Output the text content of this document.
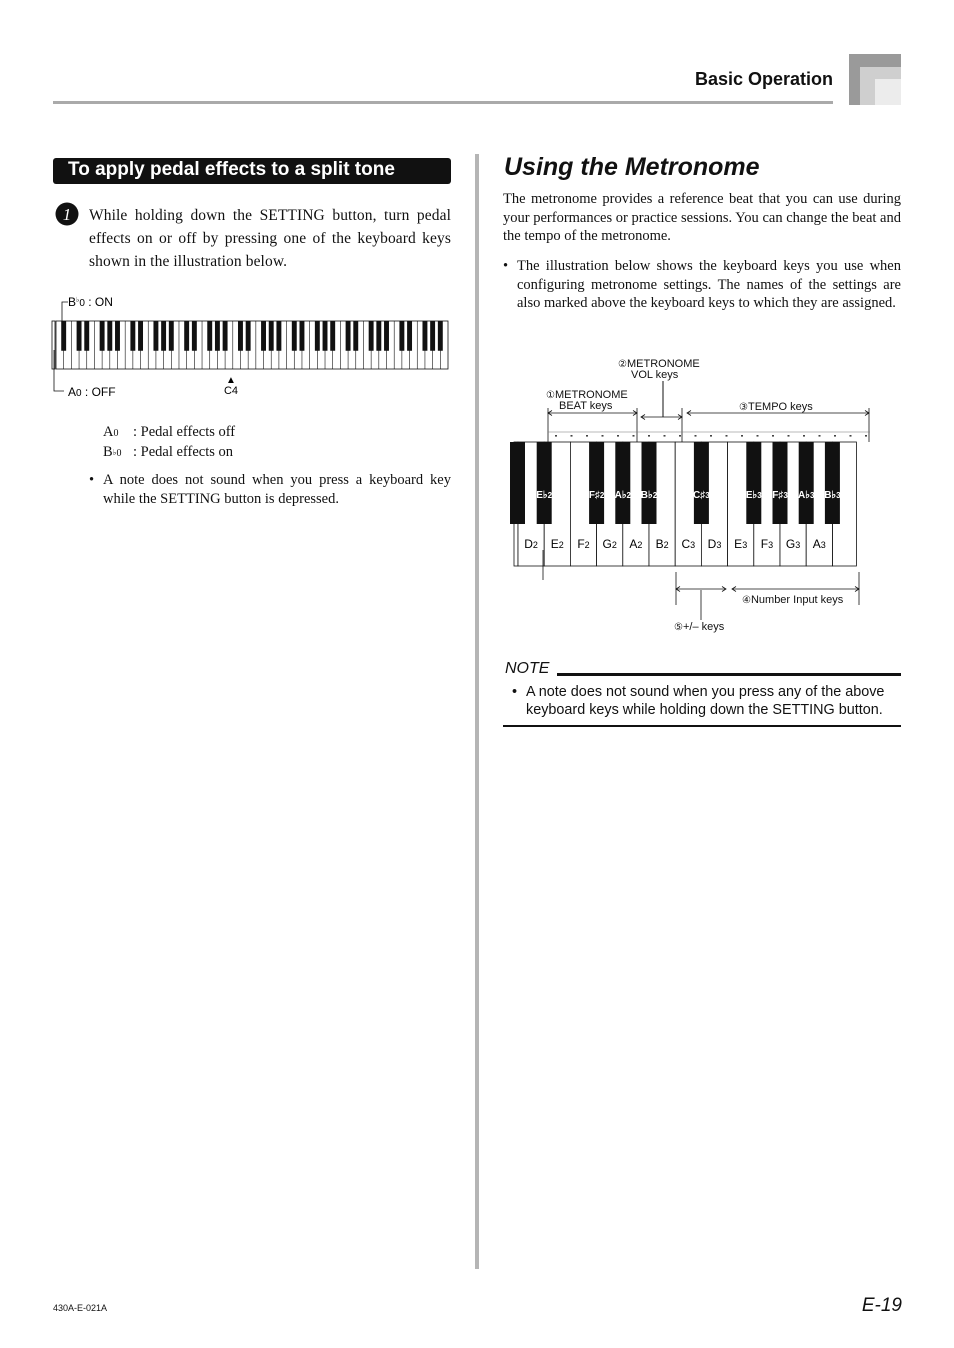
Basic Operation
To apply pedal effects to a split tone
1 While holding down the SETTING button, turn pedal effects on or off by pressing one of the keyboard keys shown in the illustration below.
$B^♭_0$ : ON
A0 : OFF
▲
C4
A0	: Pedal effects off
B♭0 : Pedal effects on
• A note does not sound when you press a keyboard key while the SETTING button is depressed.
Using the Metronome
The metronome provides a reference beat that you can use during your performances or practice sessions. You can change the beat and the tempo of the metronome.
• The illustration below shows the keyboard keys you use when configuring metronome settings. The names of the settings are also marked above the keyboard keys to which they are assigned.
②METRONOME
VOL keys
①METRONOME
BEAT keys	③TEMPO keys
D2 E2 F2 G2 A2 B2 C3 D3 E3 F3 G3 A3
E♭2	F♯2 A♭2 B♭2	C♯3	E♭3 F♯3 A♭3 B♭3
④Number Input keys
⑤+/– keys
NOTE
• A note does not sound when you press any of the above keyboard keys while holding down the SETTING button.
430A-E-021A	E-19
